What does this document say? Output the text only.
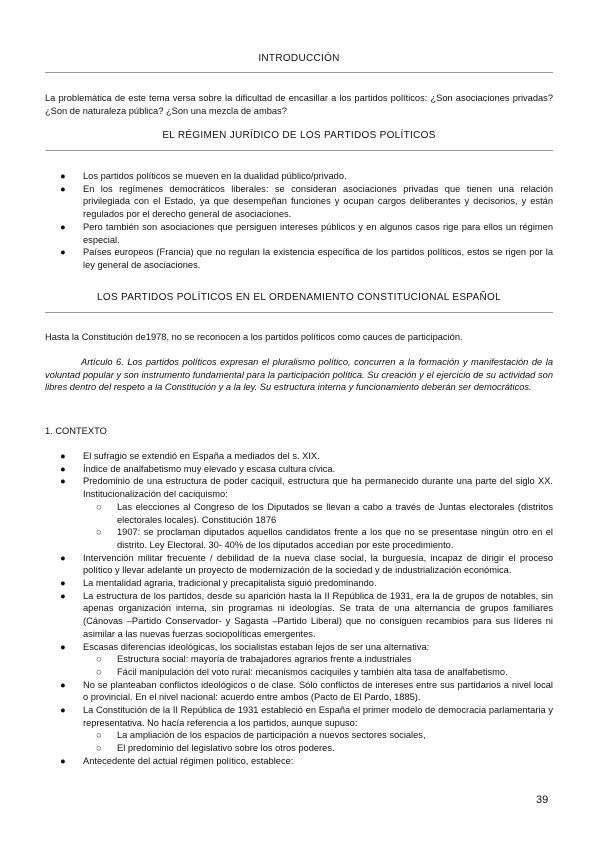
INTRODUCCIÓN
La problemática de este tema versa sobre la dificultad de encasillar a los partidos políticos: ¿Son asociaciones privadas? ¿Son de naturaleza pública? ¿Son una mezcla de ambas?
EL RÉGIMEN JURÍDICO DE LOS PARTIDOS POLÍTICOS
● Los partidos políticos se mueven en la dualidad público/privado.
● En los regímenes democráticos liberales: se consideran asociaciones privadas que tienen una relación privilegiada con el Estado, ya que desempeñan funciones y ocupan cargos deliberantes y decisorios, y están regulados por el derecho general de asociaciones.
● Pero también son asociaciones que persiguen intereses públicos y en algunos casos rige para ellos un régimen especial.
● Países europeos (Francia) que no regulan la existencia específica de los partidos políticos, estos se rigen por la ley general de asociaciones.
LOS PARTIDOS POLÍTICOS EN EL ORDENAMIENTO CONSTITUCIONAL ESPAÑOL
Hasta la Constitución de1978, no se reconocen a los partidos políticos como cauces de participación.
Artículo 6. Los partidos políticos expresan el pluralismo político, concurren a la formación y manifestación de la voluntad popular y son instrumento fundamental para la participación política. Su creación y el ejercicio de su actividad son libres dentro del respeto a la Constitución y a la ley. Su estructura interna y funcionamiento deberán ser democráticos.
1. CONTEXTO
● El sufragio se extendió en España a mediados del s. XIX.
● Índice de analfabetismo muy elevado y escasa cultura cívica.
● Predominio de una estructura de poder caciquil, estructura que ha permanecido durante una parte del siglo XX. Institucionalización del caciquismo:
○ Las elecciones al Congreso de los Diputados se llevan a cabo a través de Juntas electorales (distritos electorales locales). Constitución 1876
○ 1907: se proclaman diputados aquellos candidatos frente a los que no se presentase ningún otro en el distrito. Ley Electoral. 30- 40% de los diputados accedían por este procedimiento.
● Intervención militar frecuente / debilidad de la nueva clase social, la burguesía, incapaz de dirigir el proceso político y llevar adelante un proyecto de modernización de la sociedad y de industrialización económica.
● La mentalidad agraria, tradicional y precapitalista siguió predominando.
● La estructura de los partidos, desde su aparición hasta la II República de 1931, era la de grupos de notables, sin apenas organización interna, sin programas ni ideologías. Se trata de una alternancia de grupos familiares (Cánovas –Partido Conservador- y Sagasta –Partido Liberal) que no consiguen recambios para sus líderes ni asimilar a las nuevas fuerzas sociopolíticas emergentes.
● Escasas diferencias ideológicas, los socialistas estaban lejos de ser una alternativa:
○ Estructura social: mayoría de trabajadores agrarios frente a industriales
○ Fácil manipulación del voto rural: mecanismos caciquiles y también alta tasa de analfabetismo.
● No se planteaban conflictos ideológicos o de clase. Sólo conflictos de intereses entre sus partidarios a nivel local o provincial. En el nivel nacional: acuerdo entre ambos (Pacto de El Pardo, 1885).
● La Constitución de la II República de 1931 estableció en España el primer modelo de democracia parlamentaria y representativa. No hacía referencia a los partidos, aunque supuso:
○ La ampliación de los espacios de participación a nuevos sectores sociales,
○ El predominio del legislativo sobre los otros poderes.
● Antecedente del actual régimen político, establece:
39
